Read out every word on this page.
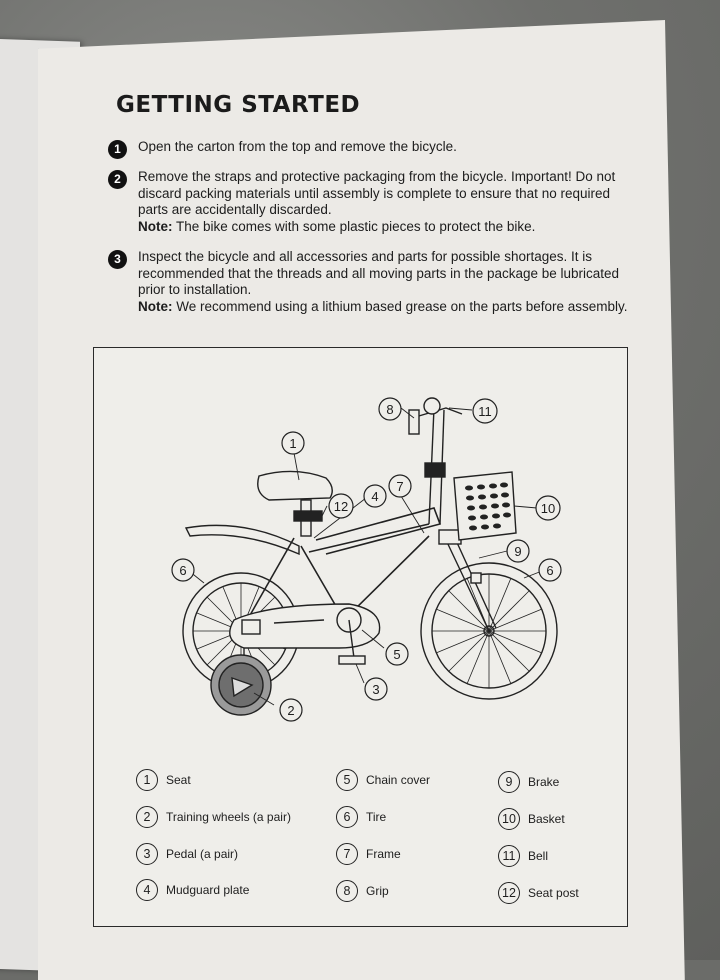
GETTING STARTED
1	Open the carton from the top and remove the bicycle.

2	Remove the straps and protective packaging from the bicycle. Important! Do not discard packing materials until assembly is complete to ensure that no required parts are accidentally discarded.

Note: The bike comes with some plastic pieces to protect the bike.

3	Inspect the bicycle and all accessories and parts for possible shortages. It is recommended that the threads and all moving parts in the package be lubricated prior to installation.

Note: We recommend using a lithium based grease on the parts before assembly.

1
2
3
4
5
6	6
7
8
9
10
11
12
1 Seat
2 Training wheels (a pair)
3 Pedal (a pair)
4 Mudguard plate
5 Chain cover
6 Tire
7 Frame
8 Grip
9 Brake
10 Basket
11 Bell
12 Seat post
